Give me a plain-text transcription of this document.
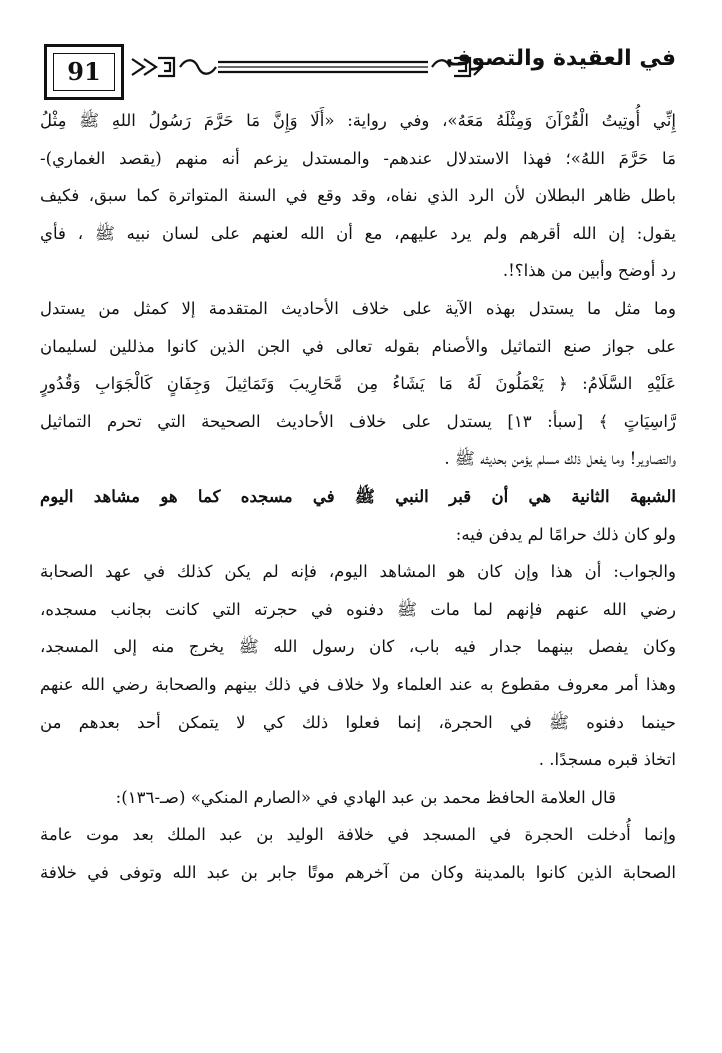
91	في العقيدة والتصوف
إِنِّي أُوتِيتُ الْقُرْآنَ وَمِثْلَهُ مَعَهُ»، وفي رواية: «أَلَا وَإِنَّ مَا حَرَّمَ رَسُولُ اللهِ ﷺ مِثْلُ
مَا حَرَّمَ اللهُ»؛ فهذا الاستدلال عندهم- والمستدل يزعم أنه منهم (يقصد الغماري)-
باطل ظاهر البطلان لأن الرد الذي نفاه، وقد وقع في السنة المتواترة كما سبق، فكيف
يقول: إن الله أقرهم ولم يرد عليهم، مع أن الله لعنهم على لسان نبيه ﷺ ، فأي
رد أوضح وأبين من هذا؟!.
وما مثل ما يستدل بهذه الآية على خلاف الأحاديث المتقدمة إلا كمثل من يستدل
على جواز صنع التماثيل والأصنام بقوله تعالى في الجن الذين كانوا مذللين لسليمان
عَلَيْهِ السَّلَامُ: ﴿ يَعْمَلُونَ لَهُ مَا يَشَاءُ مِن مَّحَارِيبَ وَتَمَاثِيلَ وَجِفَانٍ كَالْجَوَابِ وَقُدُورٍ
رَّاسِيَاتٍ ﴾ [سبأ: ١٣] يستدل على خلاف الأحاديث الصحيحة التي تحرم التماثيل
والتصاوير! وما يفعل ذلك مسلم يؤمن بحديثه ﷺ .
الشبهة الثانية هي أن قبر النبي ﷺ في مسجده كما هو مشاهد اليوم
ولو كان ذلك حرامًا لم يدفن فيه:
والجواب: أن هذا وإن كان هو المشاهد اليوم، فإنه لم يكن كذلك في عهد الصحابة
رضي الله عنهم فإنهم لما مات ﷺ دفنوه في حجرته التي كانت بجانب مسجده،
وكان يفصل بينهما جدار فيه باب، كان رسول الله ﷺ يخرج منه إلى المسجد،
وهذا أمر معروف مقطوع به عند العلماء ولا خلاف في ذلك بينهم والصحابة رضي الله عنهم
حينما دفنوه ﷺ في الحجرة، إنما فعلوا ذلك كي لا يتمكن أحد بعدهم من
اتخاذ قبره مسجدًا. .
قال العلامة الحافظ محمد بن عبد الهادي في «الصارم المنكي» (صـ-١٣٦):
وإنما أُدخلت الحجرة في المسجد في خلافة الوليد بن عبد الملك بعد موت عامة
الصحابة الذين كانوا بالمدينة وكان من آخرهم موتًا جابر بن عبد الله وتوفى في خلافة
